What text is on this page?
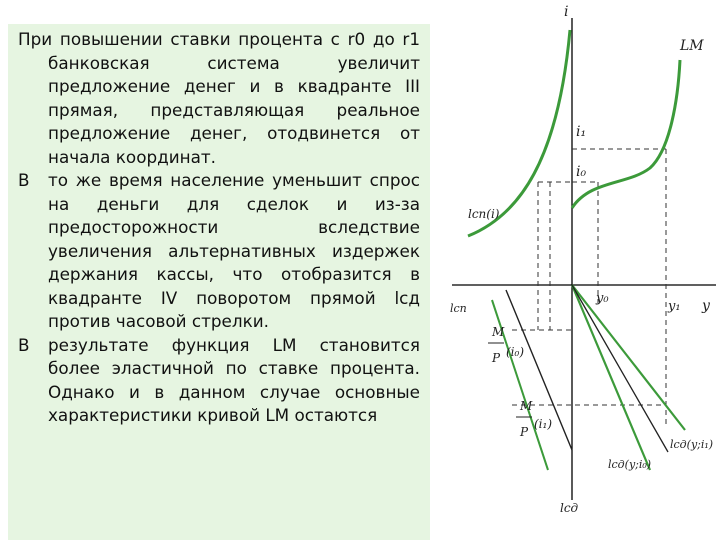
При повышении ставки процента с r0 до r1 банковская система увеличит предложение денег и в квадранте III прямая, представляющая реальное предложение денег, отодвинется от начала координат.

В то же время население уменьшит спрос на деньги для сделок и из-за предосторожности вследствие увеличения альтернативных издержек держания кассы, что отобразится в квадранте IV поворотом прямой lcд против часовой стрелки.

В результате функция LM становится более эластичной по ставке процента. Однако и в данном случае основные характеристики кривой LM остаются

i
LM
i₁
i₀
lсп(i)
y₀
y₁ y
lсп
M
P (i₀)
M
P
(i₁)
lсд(y;i₀)
lсд(y;i₁)
lсд
